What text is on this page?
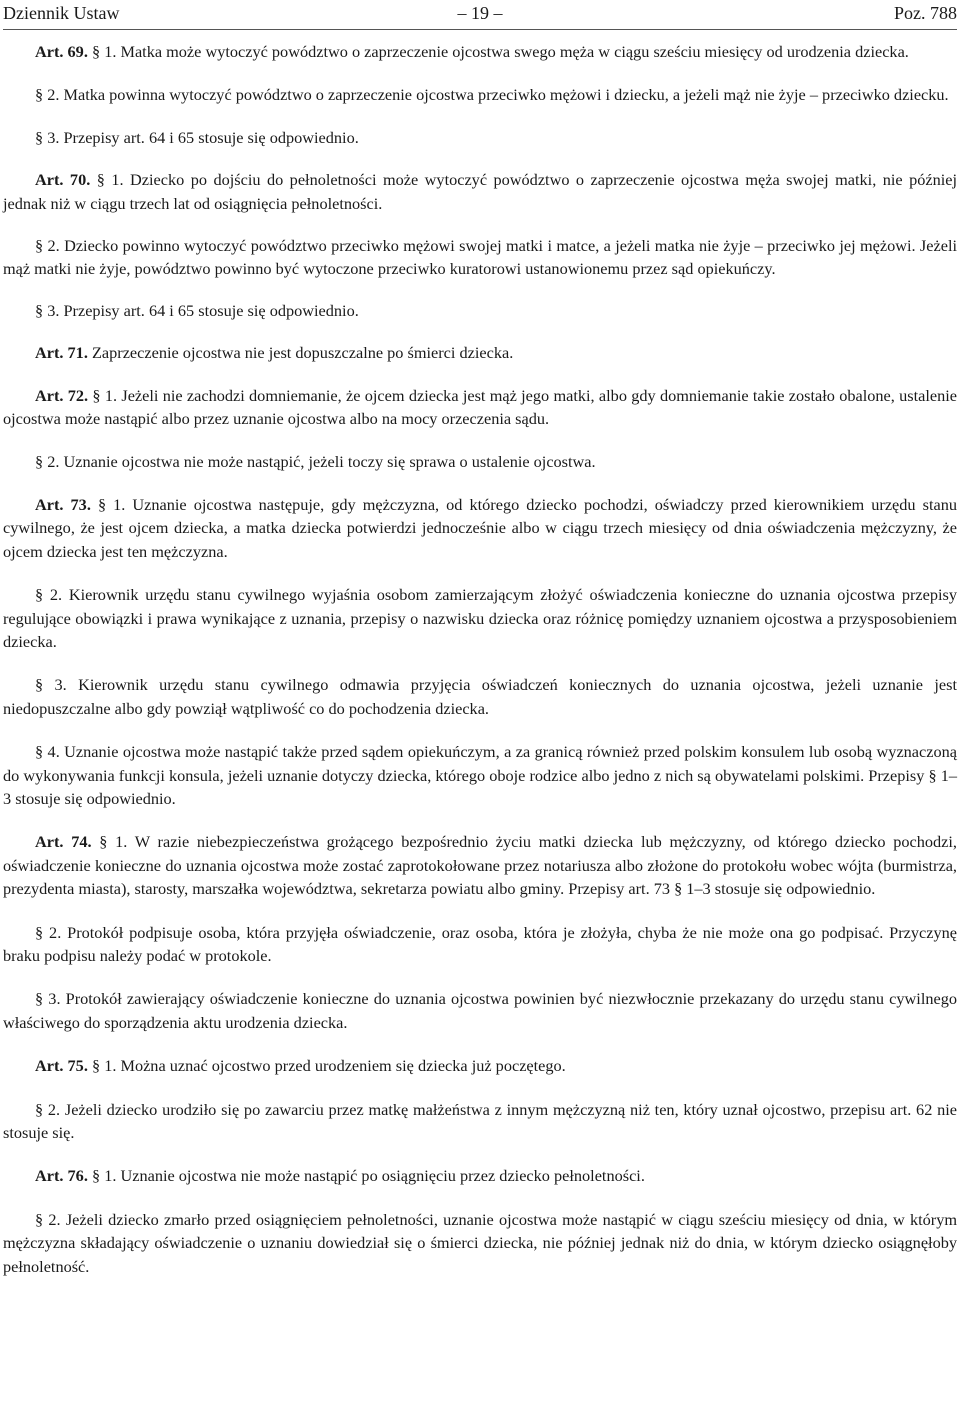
Dziennik Ustaw	– 19 –	Poz. 788

Art. 69. § 1. Matka może wytoczyć powództwo o zaprzeczenie ojcostwa swego męża w ciągu sześciu miesięcy od urodzenia dziecka.

§ 2. Matka powinna wytoczyć powództwo o zaprzeczenie ojcostwa przeciwko mężowi i dziecku, a jeżeli mąż nie żyje – przeciwko dziecku.

§ 3. Przepisy art. 64 i 65 stosuje się odpowiednio.

Art. 70. § 1. Dziecko po dojściu do pełnoletności może wytoczyć powództwo o zaprzeczenie ojcostwa męża swojej matki, nie później jednak niż w ciągu trzech lat od osiągnięcia pełnoletności.

§ 2. Dziecko powinno wytoczyć powództwo przeciwko mężowi swojej matki i matce, a jeżeli matka nie żyje – przeciwko jej mężowi. Jeżeli mąż matki nie żyje, powództwo powinno być wytoczone przeciwko kuratorowi ustanowionemu przez sąd opiekuńczy.

§ 3. Przepisy art. 64 i 65 stosuje się odpowiednio.

Art. 71. Zaprzeczenie ojcostwa nie jest dopuszczalne po śmierci dziecka.

Art. 72. § 1. Jeżeli nie zachodzi domniemanie, że ojcem dziecka jest mąż jego matki, albo gdy domniemanie takie zostało obalone, ustalenie ojcostwa może nastąpić albo przez uznanie ojcostwa albo na mocy orzeczenia sądu.

§ 2. Uznanie ojcostwa nie może nastąpić, jeżeli toczy się sprawa o ustalenie ojcostwa.

Art. 73. § 1. Uznanie ojcostwa następuje, gdy mężczyzna, od którego dziecko pochodzi, oświadczy przed kierownikiem urzędu stanu cywilnego, że jest ojcem dziecka, a matka dziecka potwierdzi jednocześnie albo w ciągu trzech miesięcy od dnia oświadczenia mężczyzny, że ojcem dziecka jest ten mężczyzna.

§ 2. Kierownik urzędu stanu cywilnego wyjaśnia osobom zamierzającym złożyć oświadczenia konieczne do uznania ojcostwa przepisy regulujące obowiązki i prawa wynikające z uznania, przepisy o nazwisku dziecka oraz różnicę pomiędzy uznaniem ojcostwa a przysposobieniem dziecka.

§ 3. Kierownik urzędu stanu cywilnego odmawia przyjęcia oświadczeń koniecznych do uznania ojcostwa, jeżeli uznanie jest niedopuszczalne albo gdy powziął wątpliwość co do pochodzenia dziecka.

§ 4. Uznanie ojcostwa może nastąpić także przed sądem opiekuńczym, a za granicą również przed polskim konsulem lub osobą wyznaczoną do wykonywania funkcji konsula, jeżeli uznanie dotyczy dziecka, którego oboje rodzice albo jedno z nich są obywatelami polskimi. Przepisy § 1–3 stosuje się odpowiednio.

Art. 74. § 1. W razie niebezpieczeństwa grożącego bezpośrednio życiu matki dziecka lub mężczyzny, od którego dziecko pochodzi, oświadczenie konieczne do uznania ojcostwa może zostać zaprotokołowane przez notariusza albo złożone do protokołu wobec wójta (burmistrza, prezydenta miasta), starosty, marszałka województwa, sekretarza powiatu albo gminy. Przepisy art. 73 § 1–3 stosuje się odpowiednio.

§ 2. Protokół podpisuje osoba, która przyjęła oświadczenie, oraz osoba, która je złożyła, chyba że nie może ona go podpisać. Przyczynę braku podpisu należy podać w protokole.

§ 3. Protokół zawierający oświadczenie konieczne do uznania ojcostwa powinien być niezwłocznie przekazany do urzędu stanu cywilnego właściwego do sporządzenia aktu urodzenia dziecka.

Art. 75. § 1. Można uznać ojcostwo przed urodzeniem się dziecka już poczętego.

§ 2. Jeżeli dziecko urodziło się po zawarciu przez matkę małżeństwa z innym mężczyzną niż ten, który uznał ojcostwo, przepisu art. 62 nie stosuje się.

Art. 76. § 1. Uznanie ojcostwa nie może nastąpić po osiągnięciu przez dziecko pełnoletności.

§ 2. Jeżeli dziecko zmarło przed osiągnięciem pełnoletności, uznanie ojcostwa może nastąpić w ciągu sześciu miesięcy od dnia, w którym mężczyzna składający oświadczenie o uznaniu dowiedział się o śmierci dziecka, nie później jednak niż do dnia, w którym dziecko osiągnęłoby pełnoletność.
